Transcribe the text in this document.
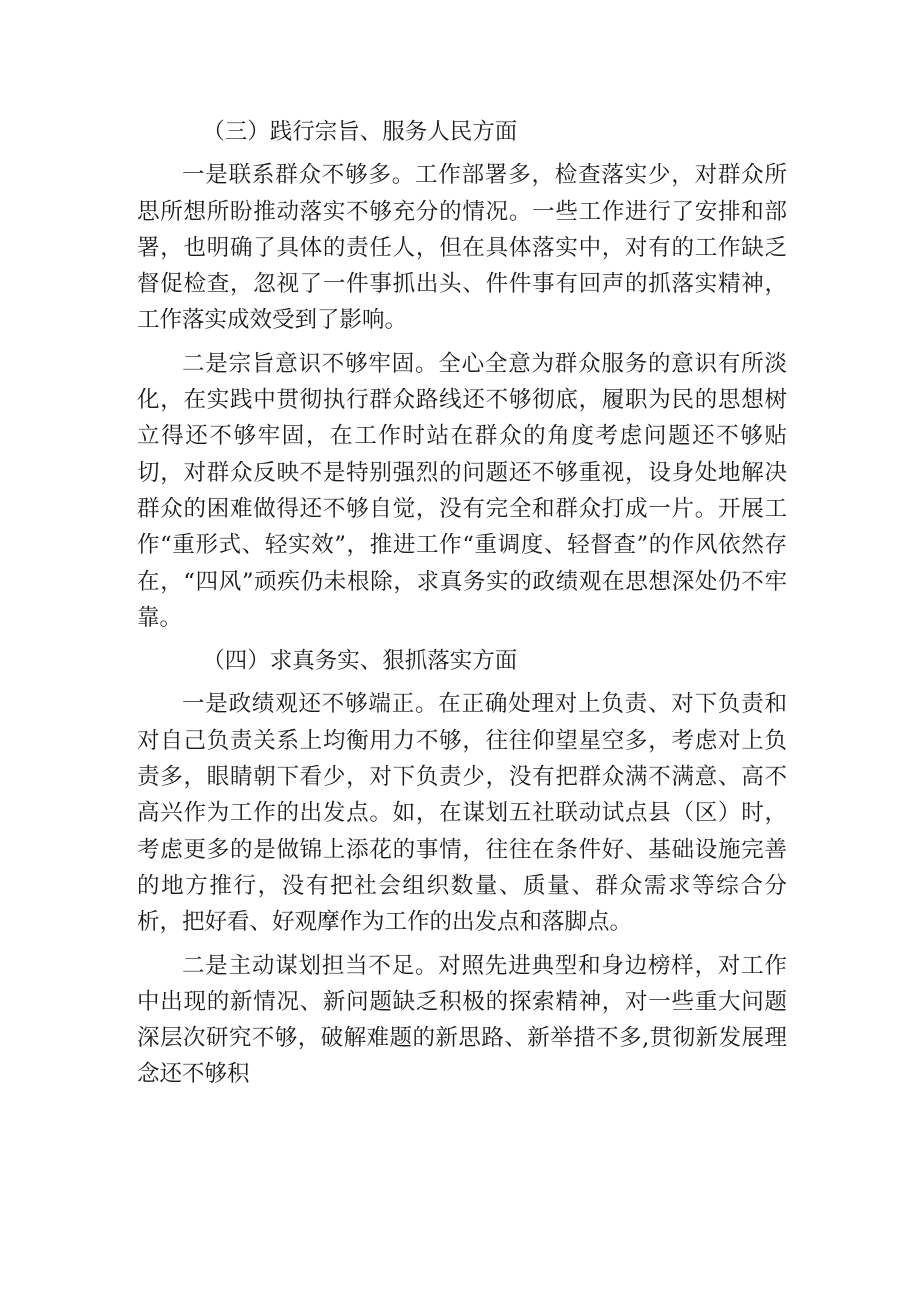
（三）践行宗旨、服务人民方面

一是联系群众不够多。工作部署多，检查落实少，对群众所思所想所盼推动落实不够充分的情况。一些工作进行了安排和部署，也明确了具体的责任人，但在具体落实中，对有的工作缺乏督促检查，忽视了一件事抓出头、件件事有回声的抓落实精神，工作落实成效受到了影响。

二是宗旨意识不够牢固。全心全意为群众服务的意识有所淡化，在实践中贯彻执行群众路线还不够彻底，履职为民的思想树立得还不够牢固，在工作时站在群众的角度考虑问题还不够贴切，对群众反映不是特别强烈的问题还不够重视，设身处地解决群众的困难做得还不够自觉，没有完全和群众打成一片。开展工作“重形式、轻实效”，推进工作“重调度、轻督查”的作风依然存在，“四风”顽疾仍未根除，求真务实的政绩观在思想深处仍不牢靠。

（四）求真务实、狠抓落实方面

一是政绩观还不够端正。在正确处理对上负责、对下负责和对自己负责关系上均衡用力不够，往往仰望星空多，考虑对上负责多，眼睛朝下看少，对下负责少，没有把群众满不满意、高不高兴作为工作的出发点。如，在谋划五社联动试点县（区）时，考虑更多的是做锦上添花的事情，往往在条件好、基础设施完善的地方推行，没有把社会组织数量、质量、群众需求等综合分析，把好看、好观摩作为工作的出发点和落脚点。

二是主动谋划担当不足。对照先进典型和身边榜样，对工作中出现的新情况、新问题缺乏积极的探索精神，对一些重大问题深层次研究不够，破解难题的新思路、新举措不多,贯彻新发展理念还不够积
